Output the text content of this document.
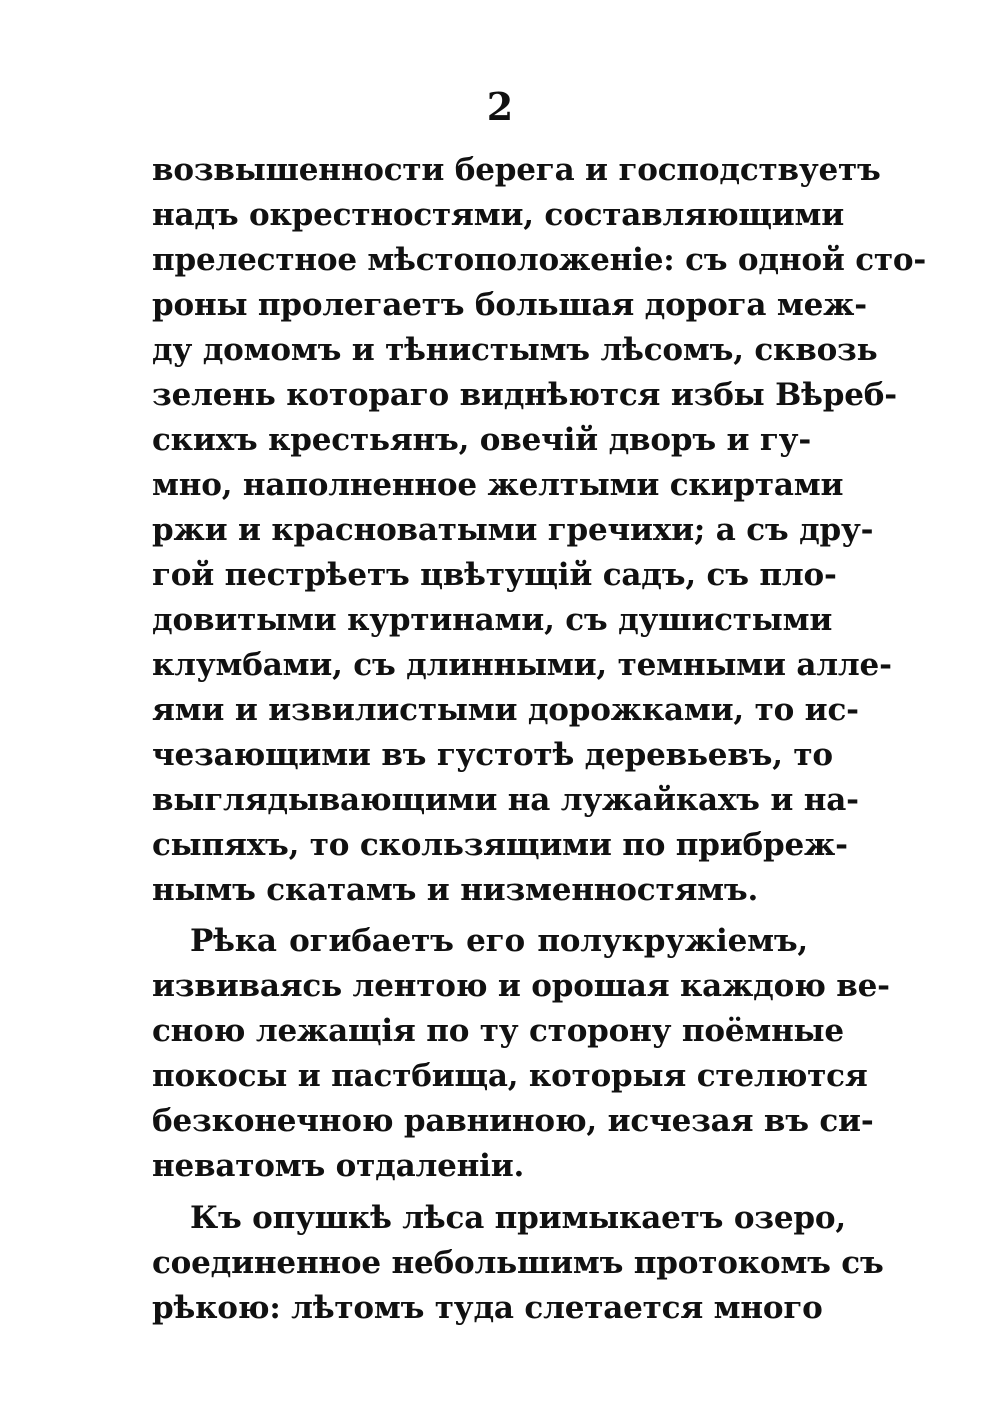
2
возвышенности берега и господствуетъ
надъ окрестностями, составляющими
прелестное мѣстоположеніе: съ одной сто-
роны пролегаетъ большая дорога меж-
ду домомъ и тѣнистымъ лѣсомъ, сквозь
зелень котораго виднѣются избы Вѣреб-
скихъ крестьянъ, овечій дворъ и гу-
мно, наполненное желтыми скиртами
ржи и красноватыми гречихи; а съ дру-
гой пестрѣетъ цвѣтущій садъ, съ пло-
довитыми куртинами, съ душистыми
клумбами, съ длинными, темными алле-
ями и извилистыми дорожками, то ис-
чезающими въ густотѣ деревьевъ, то
выглядывающими на лужайкахъ и на-
сыпяхъ, то скользящими по прибреж-
нымъ скатамъ и низменностямъ.
Рѣка огибаетъ его полукружіемъ,
извиваясь лентою и орошая каждою ве-
сною лежащія по ту сторону поёмные
покосы и пастбища, которыя стелются
безконечною равниною, исчезая въ си-
неватомъ отдаленіи.
Къ опушкѣ лѣса примыкаетъ озеро,
соединенное небольшимъ протокомъ съ
рѣкою: лѣтомъ туда слетается много
